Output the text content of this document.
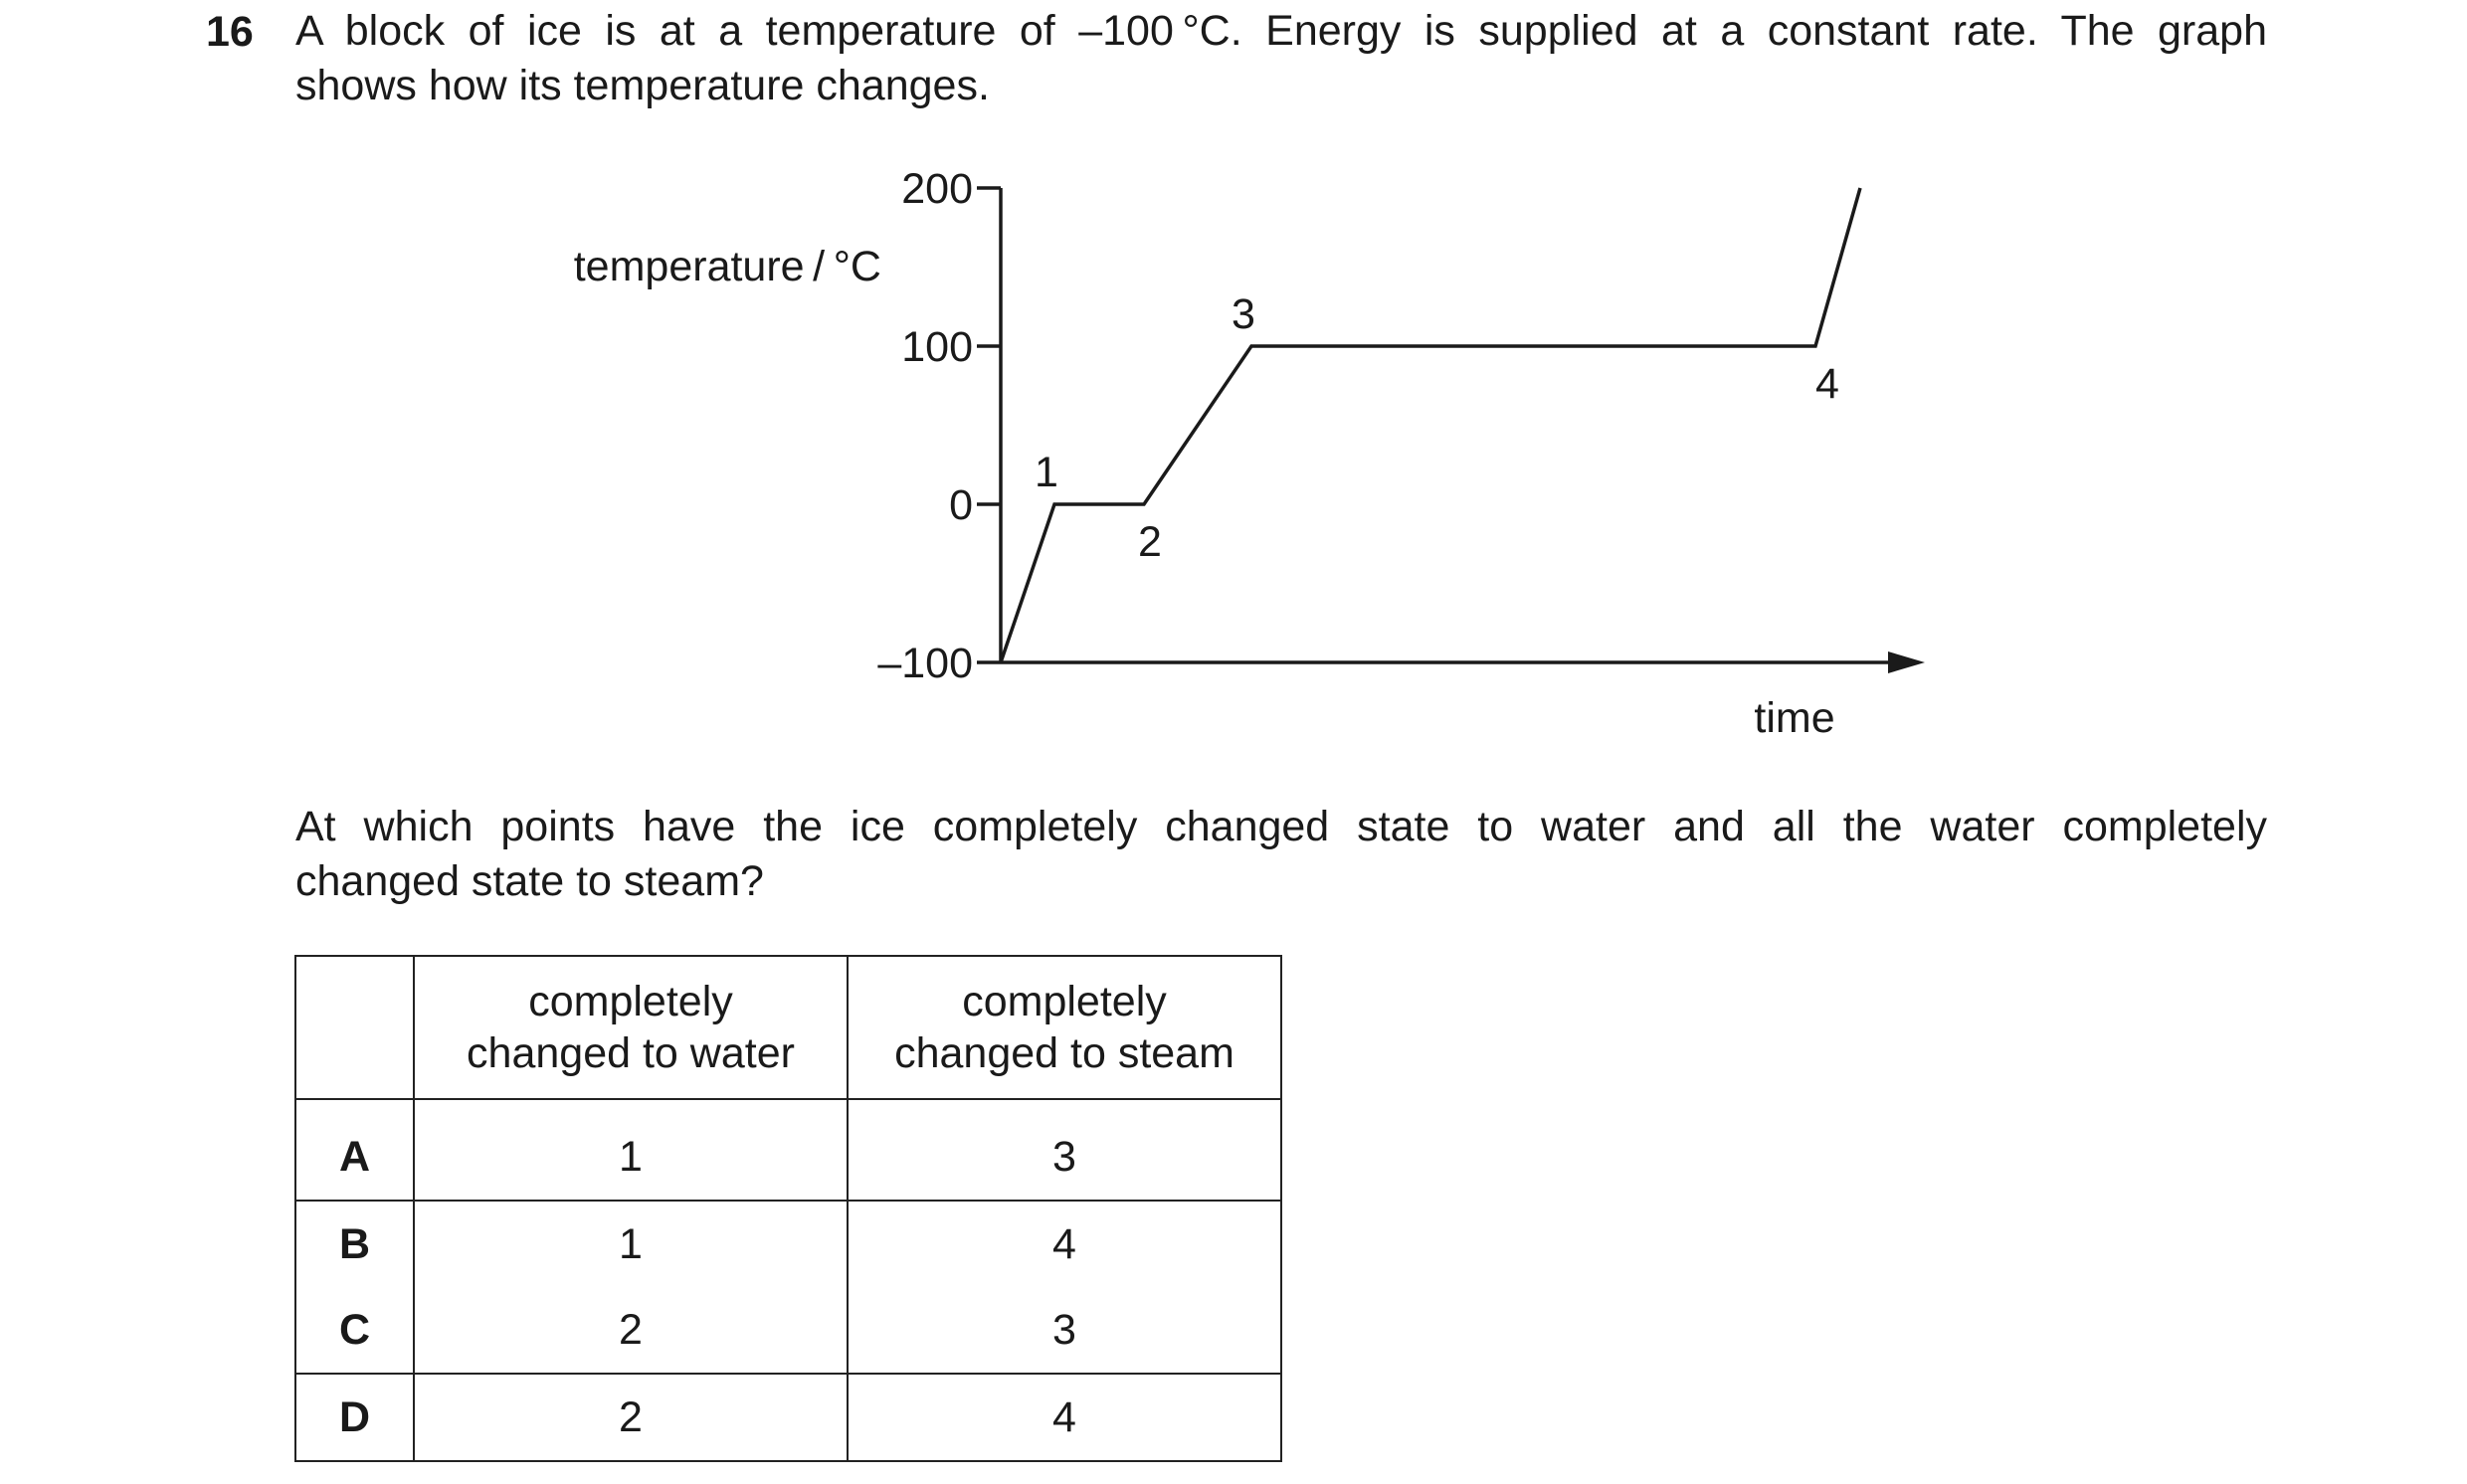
16 A block of ice is at a temperature of –100 °C. Energy is supplied at a constant rate. The graph
shows how its temperature changes.
temperature / °C
200
100
0
–100
1
2
3
4
time
At which points have the ice completely changed state to water and all the water completely
changed state to steam?
	completely
changed to water	completely
changed to steam
A	1	3
B	1	4
C	2	3
D	2	4
